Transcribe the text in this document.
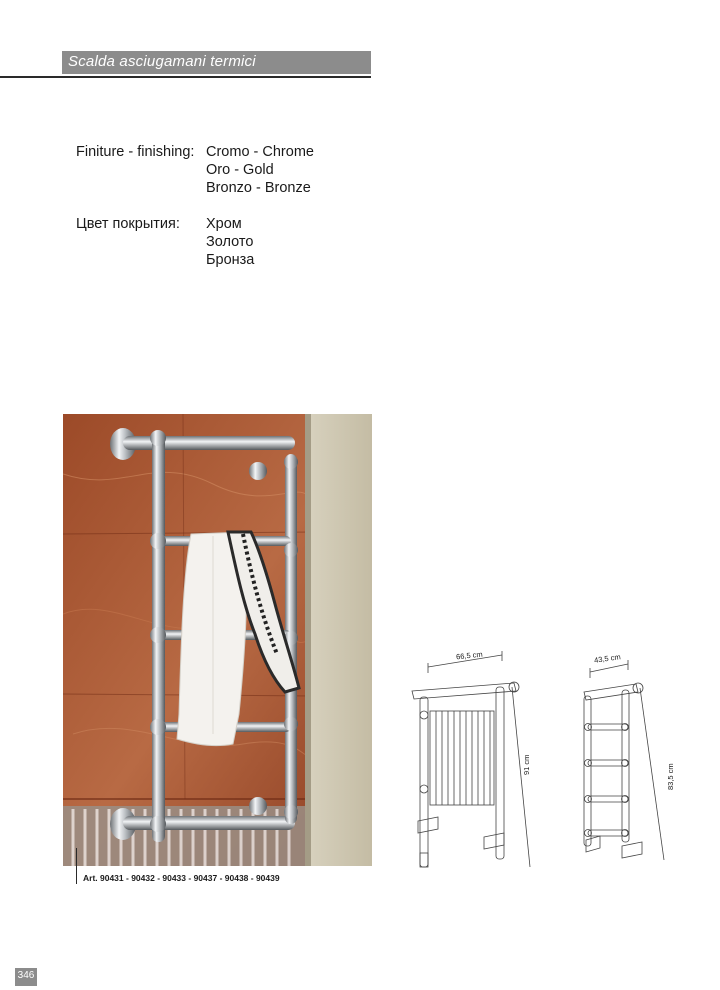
Scalda asciugamani termici
Finiture - finishing: Cromo - Chrome
Oro - Gold
Bronzo - Bronze
Цвет покрытия:	Хром
Золото
Бронза
Art. 90431 - 90432 - 90433 - 90437 - 90438 - 90439
66,5 cm
91 cm
43,5 cm
83,5 cm
346
